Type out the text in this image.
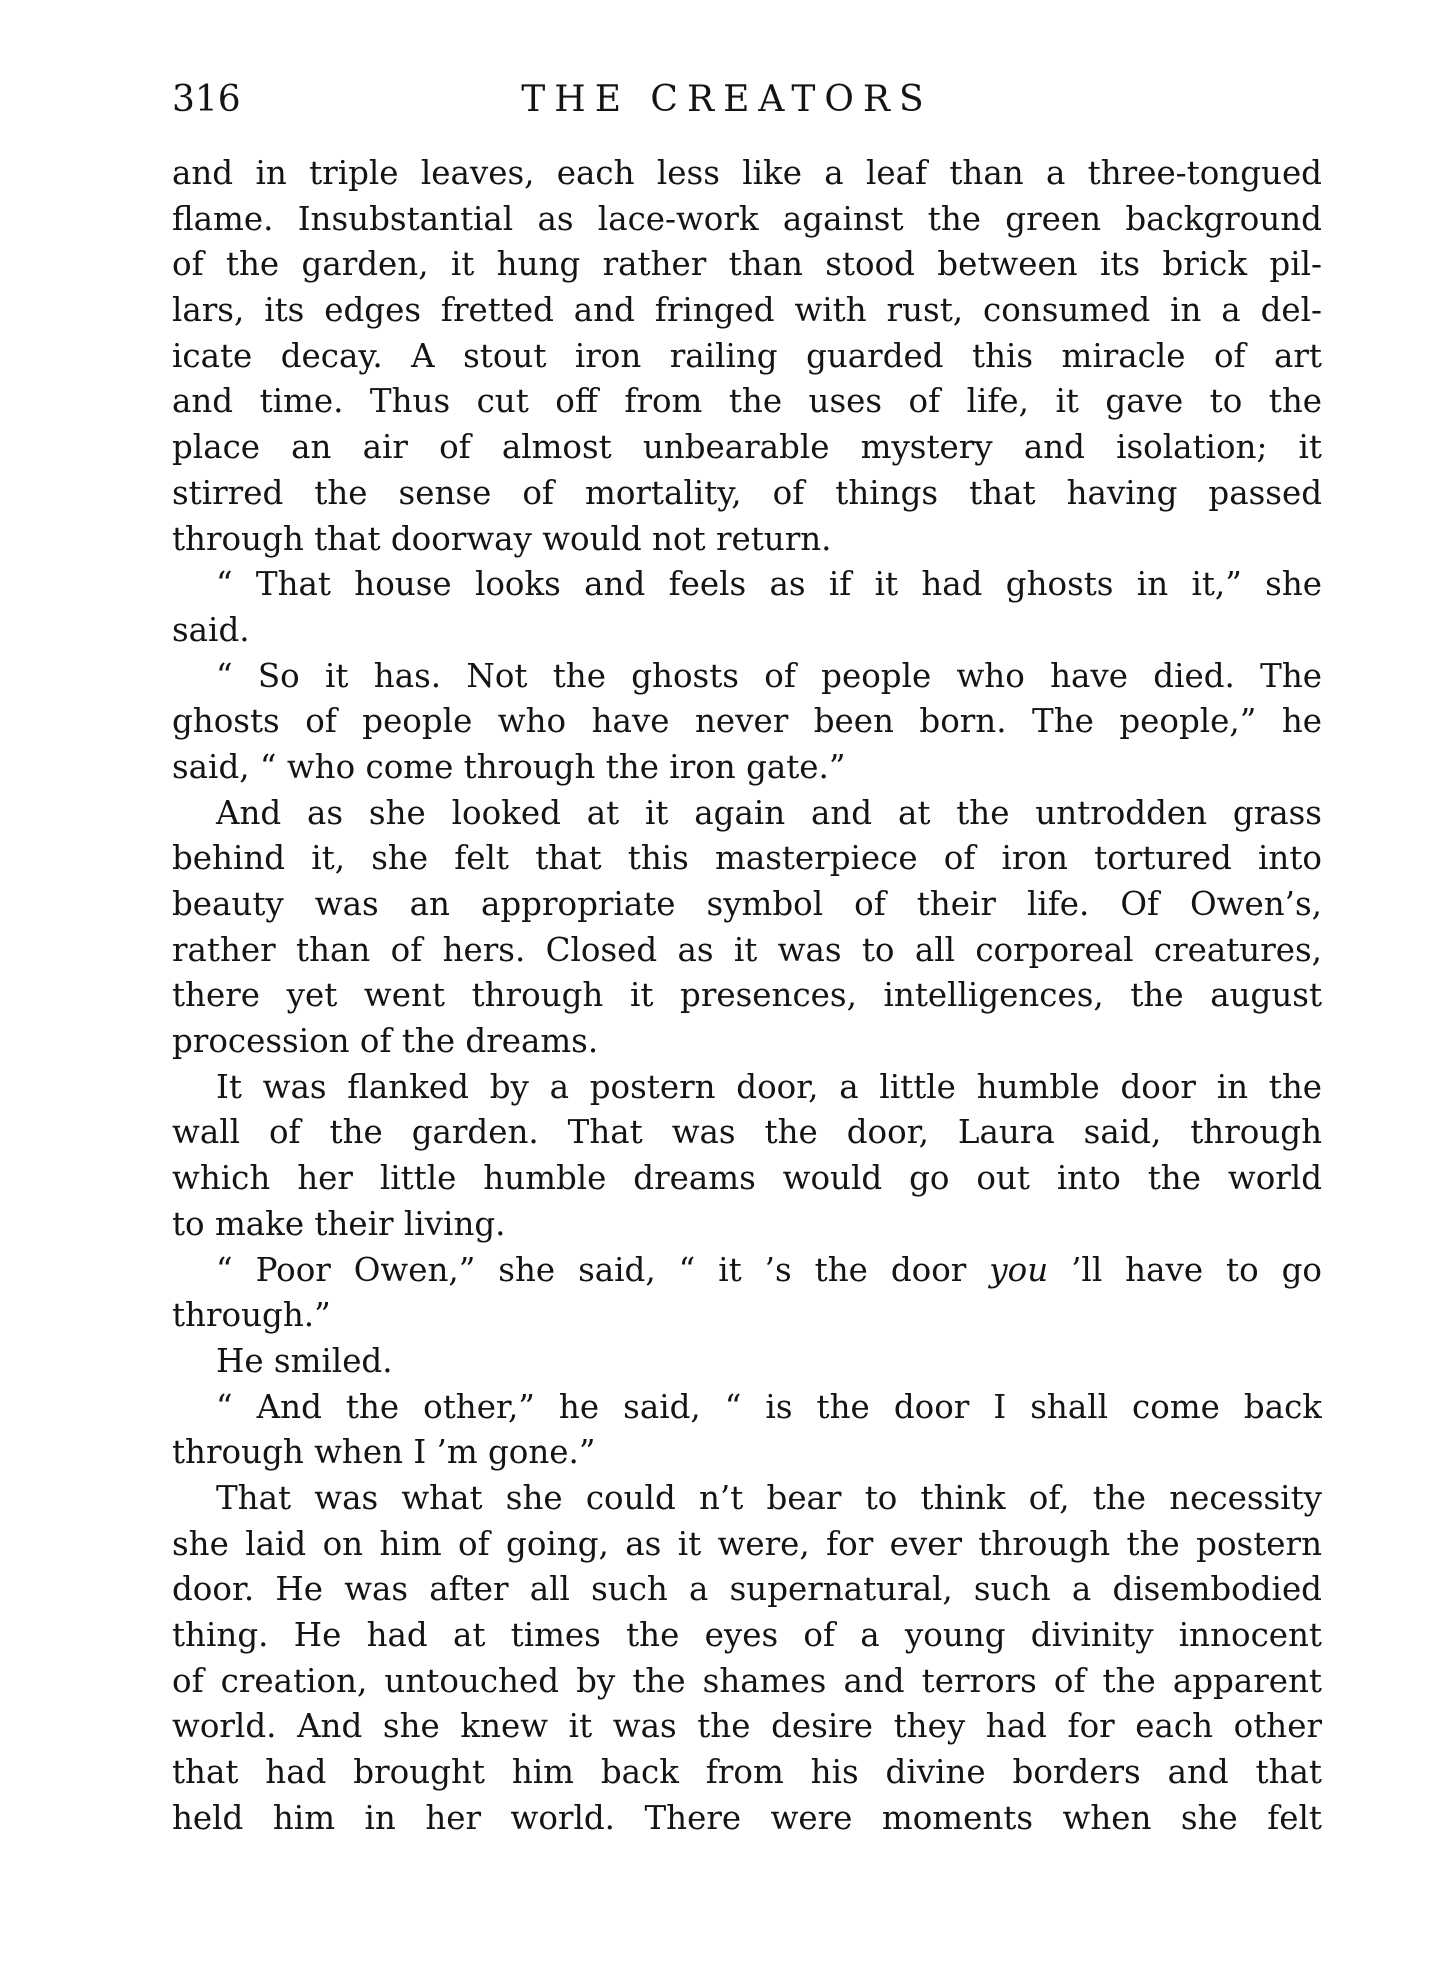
316	THE CREATORS
and in triple leaves, each less like a leaf than a three-tongued
flame. Insubstantial as lace-work against the green background
of the garden, it hung rather than stood between its brick pil-
lars, its edges fretted and fringed with rust, consumed in a del-
icate decay. A stout iron railing guarded this miracle of art
and time. Thus cut off from the uses of life, it gave to the
place an air of almost unbearable mystery and isolation; it
stirred the sense of mortality, of things that having passed
through that doorway would not return.
“ That house looks and feels as if it had ghosts in it,” she
said.
“ So it has. Not the ghosts of people who have died. The
ghosts of people who have never been born. The people,” he
said, “ who come through the iron gate.”
And as she looked at it again and at the untrodden grass
behind it, she felt that this masterpiece of iron tortured into
beauty was an appropriate symbol of their life. Of Owen’s,
rather than of hers. Closed as it was to all corporeal creatures,
there yet went through it presences, intelligences, the august
procession of the dreams.
It was flanked by a postern door, a little humble door in the
wall of the garden. That was the door, Laura said, through
which her little humble dreams would go out into the world
to make their living.
“ Poor Owen,” she said, “ it ’s the door you ’ll have to go
through.”
He smiled.
“ And the other,” he said, “ is the door I shall come back
through when I ’m gone.”
That was what she could n’t bear to think of, the necessity
she laid on him of going, as it were, for ever through the postern
door. He was after all such a supernatural, such a disembodied
thing. He had at times the eyes of a young divinity innocent
of creation, untouched by the shames and terrors of the apparent
world. And she knew it was the desire they had for each other
that had brought him back from his divine borders and that
held him in her world. There were moments when she felt
